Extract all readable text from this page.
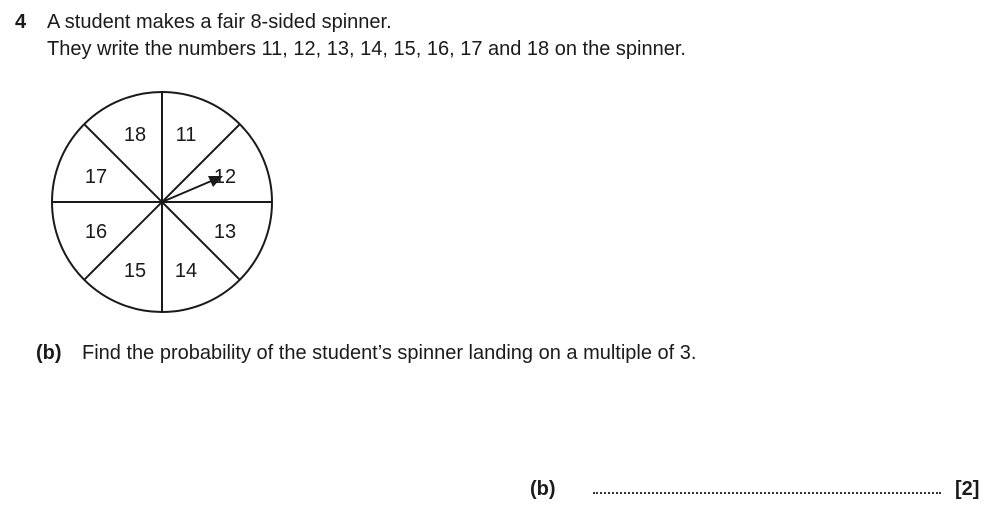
4 A student makes a fair 8-sided spinner.
They write the numbers 11, 12, 13, 14, 15, 16, 17 and 18 on the spinner.
11
12
13
14
15
16
17
18
(b) Find the probability of the student’s spinner landing on a multiple of 3.
(b)	[2]
